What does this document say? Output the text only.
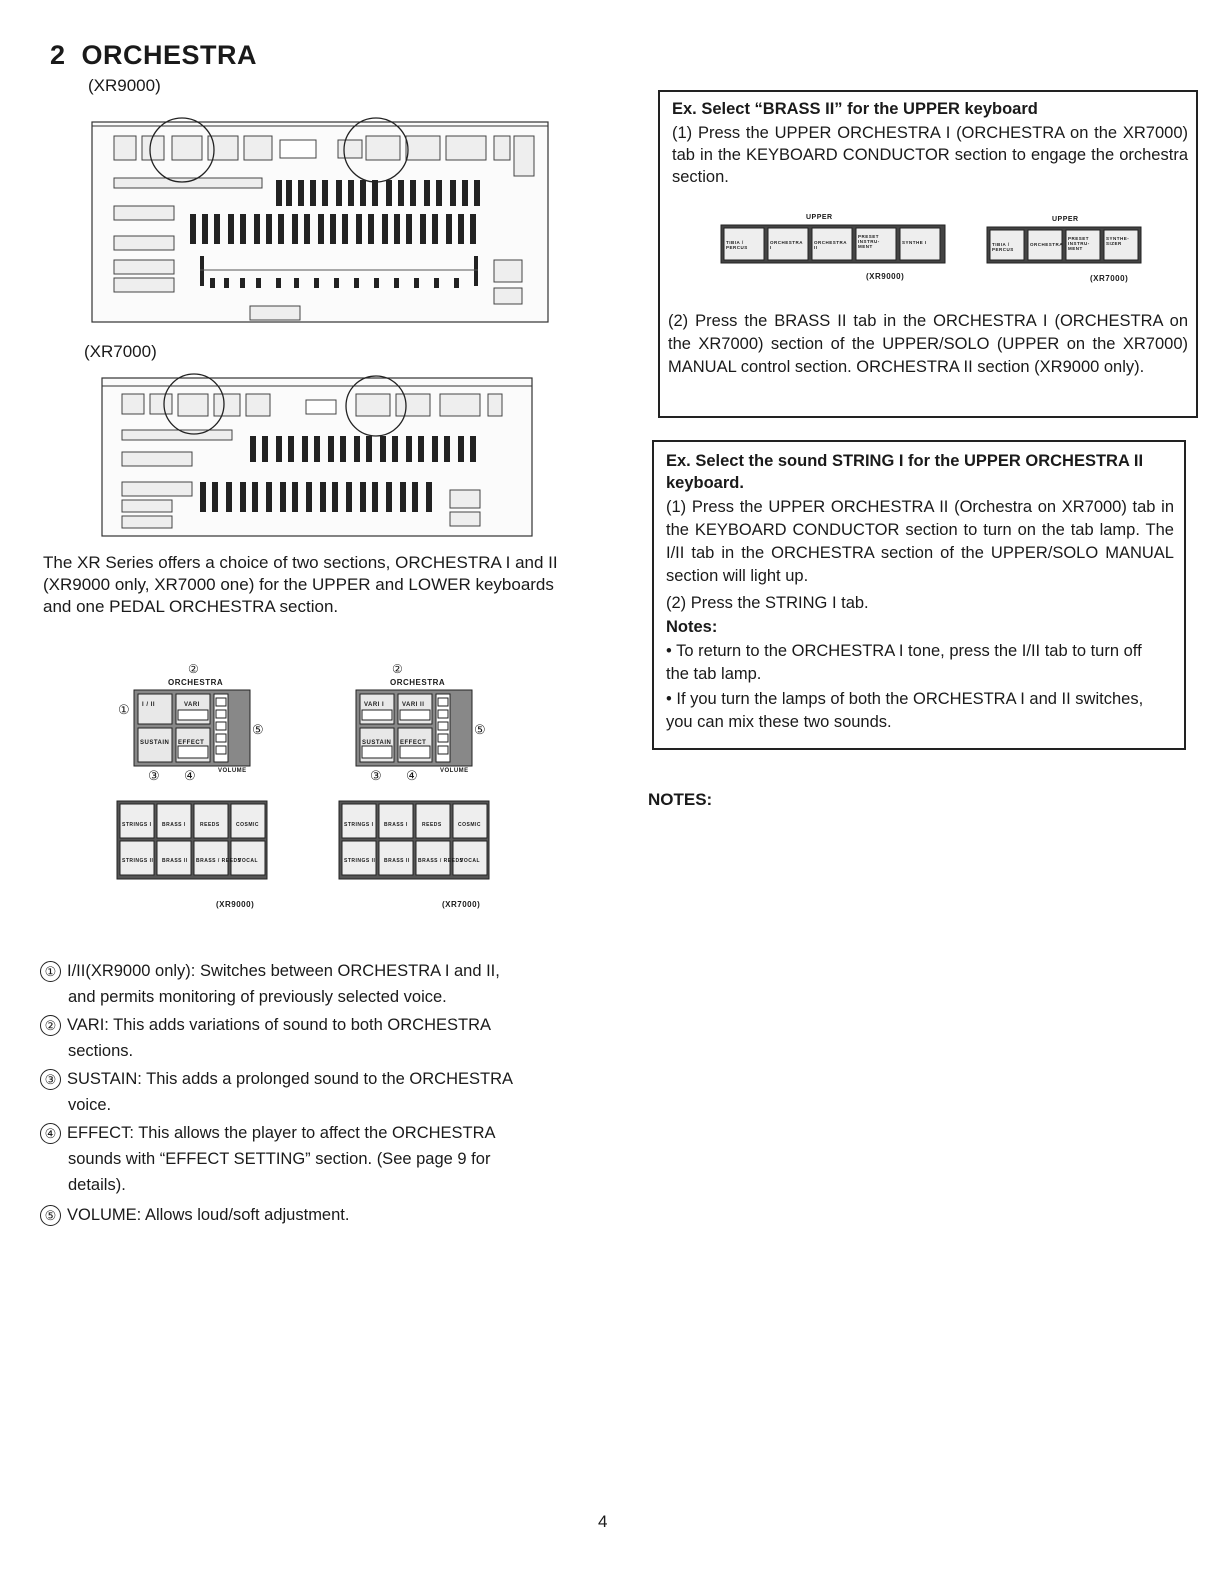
2 ORCHESTRA
(XR9000)
(XR7000)
The XR Series offers a choice of two sections, ORCHESTRA I and II (XR9000 only, XR7000 one) for the UPPER and LOWER keyboards and one PEDAL ORCHESTRA section.
②
ORCHESTRA
① I / II	VARI
SUSTAIN EFFECT
⑤
③ ④	VOLUME
STRINGS I BRASS I	REEDS	COSMIC
STRINGS II BRASS II BRASS / REEDS
VOCAL
(XR9000)
②
ORCHESTRA
VARI I	VARI II
SUSTAIN EFFECT
⑤
③ ④	VOLUME
STRINGS I BRASS I	REEDS	COSMIC
STRINGS II BRASS II BRASS / REEDS
VOCAL
(XR7000)
① I/II(XR9000 only): Switches between ORCHESTRA I and II,
and permits monitoring of previously selected voice.
② VARI: This adds variations of sound to both ORCHESTRA
sections.
③ SUSTAIN: This adds a prolonged sound to the ORCHESTRA
voice.
④ EFFECT: This allows the player to affect the ORCHESTRA
sounds with “EFFECT SETTING” section. (See page 9 for
details).
⑤ VOLUME: Allows loud/soft adjustment.
Ex. Select “BRASS II” for the UPPER keyboard
(1) Press the UPPER ORCHESTRA I (ORCHESTRA on the XR7000) tab in the KEYBOARD CONDUCTOR section to engage the orchestra section.
UPPER
TIBIA / PERCUS
ORCHESTRA I
ORCHESTRA II
PRESET INSTRU-MENT
SYNTHE I
(XR9000)
UPPER
TIBIA / PERCUS
ORCHESTRA
PRESET INSTRU-MENT
SYNTHE-SIZER
(XR7000)
(2) Press the BRASS II tab in the ORCHESTRA I (ORCHESTRA on the XR7000) section of the UPPER/SOLO (UPPER on the XR7000) MANUAL control section. ORCHESTRA II section (XR9000 only).
Ex. Select the sound STRING I for the UPPER ORCHESTRA II keyboard.
(1) Press the UPPER ORCHESTRA II (Orchestra on XR7000) tab in the KEYBOARD CONDUCTOR section to turn on the tab lamp. The I/II tab in the ORCHESTRA section of the UPPER/SOLO MANUAL section will light up.
(2) Press the STRING I tab.
Notes:
• To return to the ORCHESTRA I tone, press the I/II tab to turn off the tab lamp.
• If you turn the lamps of both the ORCHESTRA I and II switches, you can mix these two sounds.
NOTES:
4
